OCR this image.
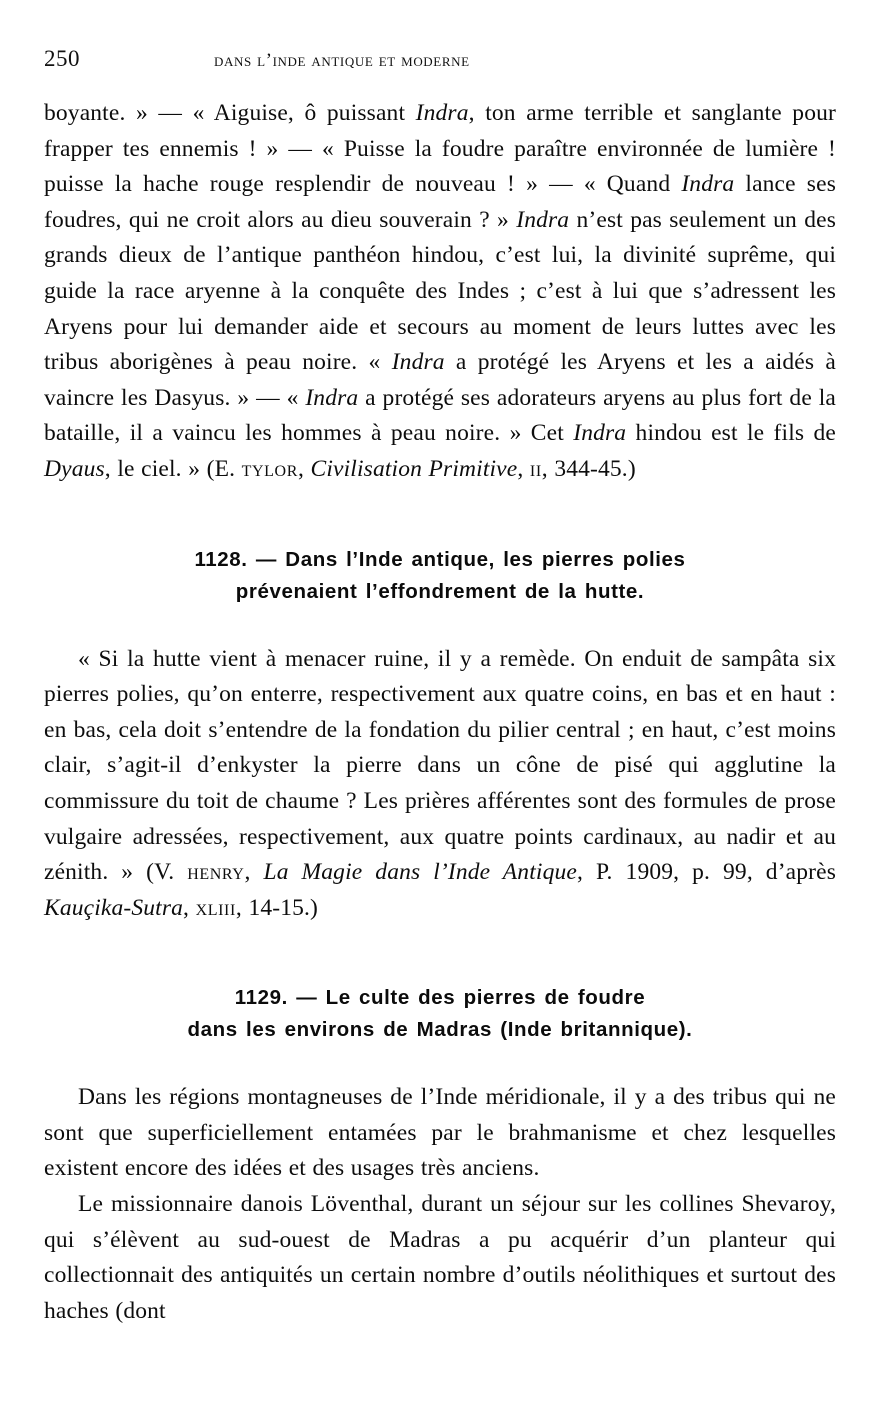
250	dans l’inde antique et moderne

boyante. » — « Aiguise, ô puissant Indra, ton arme terrible et sanglante pour frapper tes ennemis ! » — « Puisse la foudre paraître environnée de lumière ! puisse la hache rouge resplendir de nouveau ! » — « Quand Indra lance ses foudres, qui ne croit alors au dieu souverain ? » Indra n’est pas seulement un des grands dieux de l’antique panthéon hindou, c’est lui, la divinité suprême, qui guide la race aryenne à la conquête des Indes ; c’est à lui que s’adressent les Aryens pour lui demander aide et secours au moment de leurs luttes avec les tribus aborigènes à peau noire. « Indra a protégé les Aryens et les a aidés à vaincre les Dasyus. » — « Indra a protégé ses adorateurs aryens au plus fort de la bataille, il a vaincu les hommes à peau noire. » Cet Indra hindou est le fils de Dyaus, le ciel. » (E. tylor, Civilisation Primitive, ii, 344-45.)

1128. — Dans l’Inde antique, les pierres polies
prévenaient l’effondrement de la hutte.

« Si la hutte vient à menacer ruine, il y a remède. On enduit de sampâta six pierres polies, qu’on enterre, respectivement aux quatre coins, en bas et en haut : en bas, cela doit s’entendre de la fondation du pilier central ; en haut, c’est moins clair, s’agit-il d’enkyster la pierre dans un cône de pisé qui agglutine la commissure du toit de chaume ? Les prières afférentes sont des formules de prose vulgaire adressées, respectivement, aux quatre points cardinaux, au nadir et au zénith. » (V. henry, La Magie dans l’Inde Antique, P. 1909, p. 99, d’après Kauçika-Sutra, xliii, 14-15.)

1129. — Le culte des pierres de foudre
dans les environs de Madras (Inde britannique).

Dans les régions montagneuses de l’Inde méridionale, il y a des tribus qui ne sont que superficiellement entamées par le brahmanisme et chez lesquelles existent encore des idées et des usages très anciens.

Le missionnaire danois Löventhal, durant un séjour sur les collines Shevaroy, qui s’élèvent au sud-ouest de Madras a pu acquérir d’un planteur qui collectionnait des antiquités un certain nombre d’outils néolithiques et surtout des haches (dont
